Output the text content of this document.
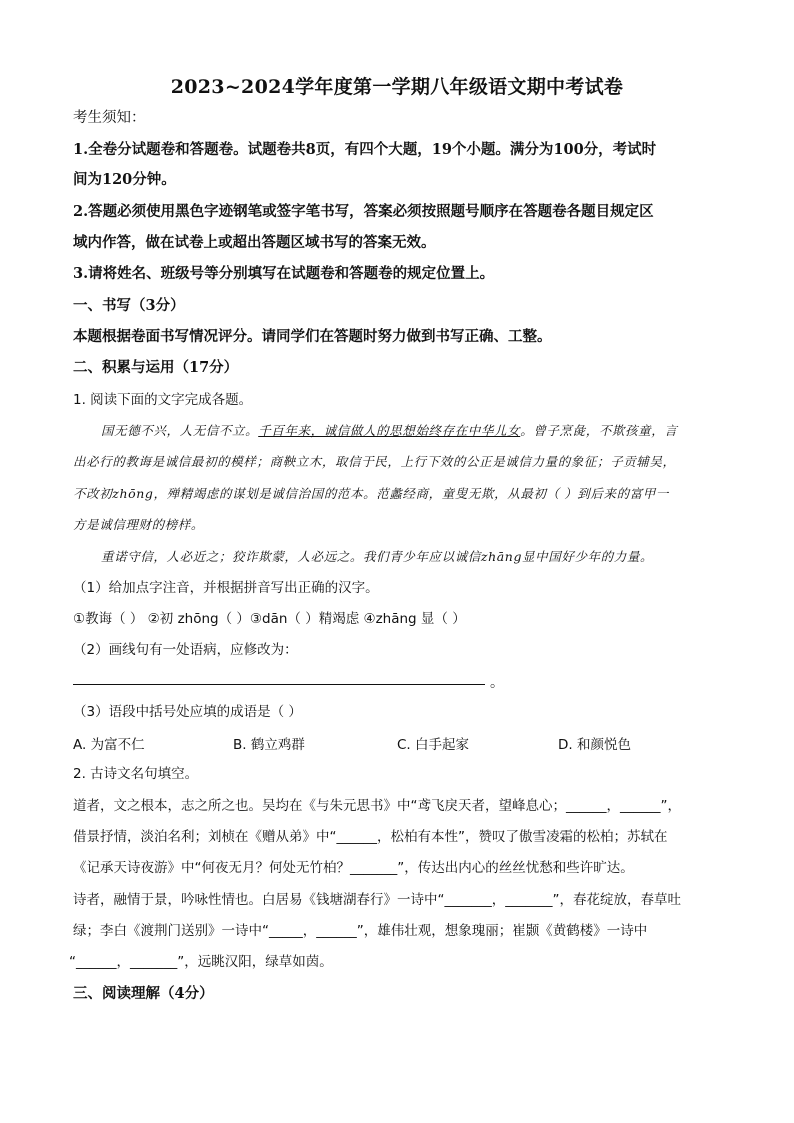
2023~2024学年度第一学期八年级语文期中考试卷
考生须知：
1.全卷分试题卷和答题卷。试题卷共8页，有四个大题，19个小题。满分为100分，考试时
间为120分钟。
2.答题必须使用黑色字迹钢笔或签字笔书写，答案必须按照题号顺序在答题卷各题目规定区
域内作答，做在试卷上或超出答题区域书写的答案无效。
3.请将姓名、班级号等分别填写在试题卷和答题卷的规定位置上。
一、书写（3分）
本题根据卷面书写情况评分。请同学们在答题时努力做到书写正确、工整。
二、积累与运用（17分）
1. 阅读下面的文字完成各题。
国无德不兴，人无信不立。千百年来，诚信做人的思想始终存在中华儿女。曾子烹彘，不欺孩童，言
出必行的教诲是诚信最初的模样；商鞅立木，取信于民，上行下效的公正是诚信力量的象征；子贡辅吴，
不改初zhōng，殚精竭虑的谋划是诚信治国的范本。范蠡经商，童叟无欺，从最初（ ）到后来的富甲一
方是诚信理财的榜样。
重诺守信，人必近之；狡诈欺蒙，人必远之。我们青少年应以诚信zhāng显中国好少年的力量。
（1）给加点字注音，并根据拼音写出正确的汉字。
①教诲（ ） ②初 zhōng（ ）③dān（ ）精竭虑 ④zhāng 显（ ）
（2）画线句有一处语病，应修改为：
。
（3）语段中括号处应填的成语是（ ）
A. 为富不仁	B. 鹤立鸡群	C. 白手起家	D. 和颜悦色
2. 古诗文名句填空。
道者，文之根本，志之所之也。吴均在《与朱元思书》中“鸢飞戾天者，望峰息心；______，______”，
借景抒情，淡泊名利；刘桢在《赠从弟》中“______，松柏有本性”，赞叹了傲雪凌霜的松柏；苏轼在
《记承天诗夜游》中“何夜无月？何处无竹柏？_______”，传达出内心的丝丝忧愁和些许旷达。
诗者，融情于景，吟咏性情也。白居易《钱塘湖春行》一诗中“_______，_______”，春花绽放，春草吐
绿；李白《渡荆门送别》一诗中“_____，______”，雄伟壮观，想象瑰丽；崔颢《黄鹤楼》一诗中
“______，_______”，远眺汉阳，绿草如茵。
三、阅读理解（4分）
